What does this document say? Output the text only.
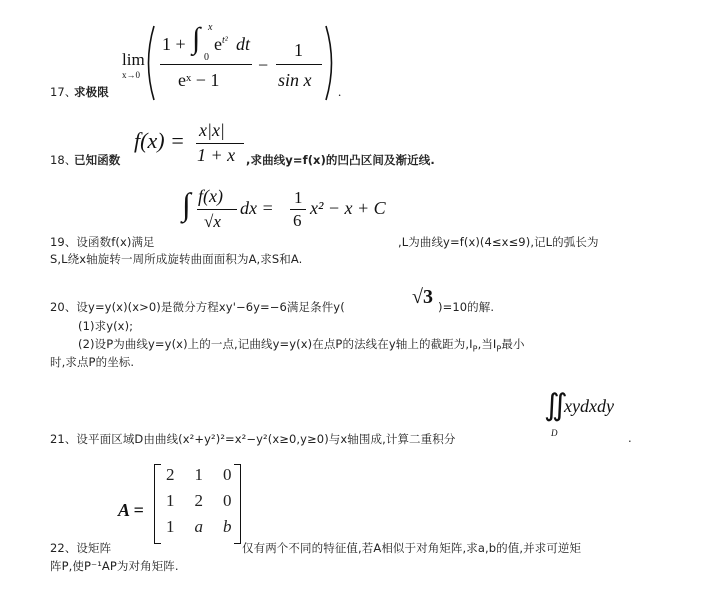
lim
x→0
1 + ∫ x
0
$e^{t^2}$ dt
eˣ − 1
−
1
sin x
.
17、
求极限
18、
已知函数
f(x) = x|x|
1 + x ,求曲线y=f(x)的凹凸区间及渐近线.
∫ f(x)
√x
dx =
1
6
x² − x + C
19、设函数f(x)满足	,L为曲线y=f(x)(4≤x≤9),记L的弧长为
S,L绕x轴旋转一周所成旋转曲面面积为A,求S和A.
20、设y=y(x)(x>0)是微分方程xy'−6y=−6满足条件y(	√3 )=10的解.
(1)求y(x);
(2)设P为曲线y=y(x)上的一点,记曲线y=y(x)在点P的法线在y轴上的截距为$,I_P$,当$I_P$最小
时,求点P的坐标.
∬
xydxdy
D
21、设平面区域D由曲线(x²+y²)²=x²−y²(x≥0,y≥0)与x轴围成,计算二重积分	.
A =
2	1	0
1	2	0
1	a	b
22、设矩阵	仅有两个不同的特征值,若A相似于对角矩阵,求a,b的值,并求可逆矩
阵P,使P⁻¹AP为对角矩阵.
